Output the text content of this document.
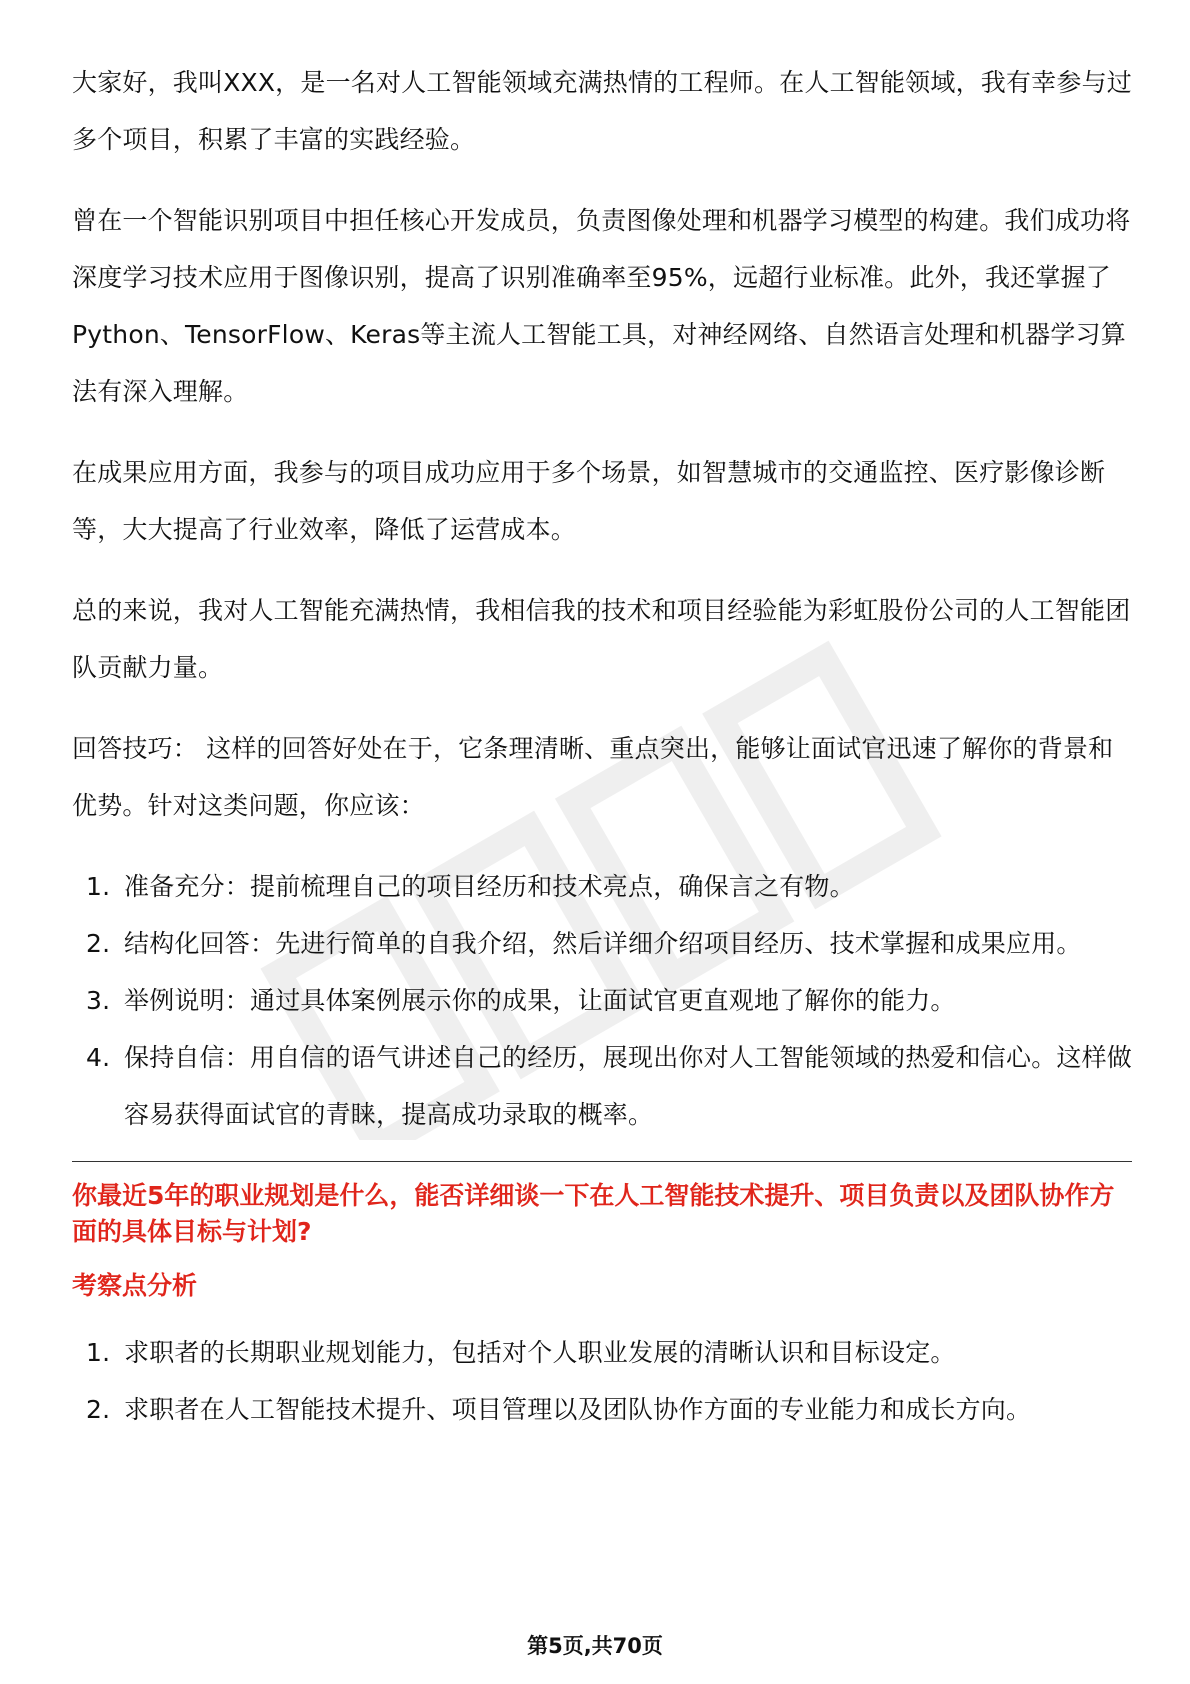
大家好，我叫XXX，是一名对人工智能领域充满热情的工程师。在人工智能领域，我有幸参与过多个项目，积累了丰富的实践经验。

曾在一个智能识别项目中担任核心开发成员，负责图像处理和机器学习模型的构建。我们成功将深度学习技术应用于图像识别，提高了识别准确率至95%，远超行业标准。此外，我还掌握了Python、TensorFlow、Keras等主流人工智能工具，对神经网络、自然语言处理和机器学习算法有深入理解。

在成果应用方面，我参与的项目成功应用于多个场景，如智慧城市的交通监控、医疗影像诊断等，大大提高了行业效率，降低了运营成本。

总的来说，我对人工智能充满热情，我相信我的技术和项目经验能为彩虹股份公司的人工智能团队贡献力量。

回答技巧： 这样的回答好处在于，它条理清晰、重点突出，能够让面试官迅速了解你的背景和优势。针对这类问题，你应该：

1. 准备充分：提前梳理自己的项目经历和技术亮点，确保言之有物。
2. 结构化回答：先进行简单的自我介绍，然后详细介绍项目经历、技术掌握和成果应用。
3. 举例说明：通过具体案例展示你的成果，让面试官更直观地了解你的能力。
4. 保持自信：用自信的语气讲述自己的经历，展现出你对人工智能领域的热爱和信心。这样做容易获得面试官的青睐，提高成功录取的概率。
你最近5年的职业规划是什么，能否详细谈一下在人工智能技术提升、项目负责以及团队协作方面的具体目标与计划?
考察点分析
1. 求职者的长期职业规划能力，包括对个人职业发展的清晰认识和目标设定。
2. 求职者在人工智能技术提升、项目管理以及团队协作方面的专业能力和成长方向。
第5页,共70页
